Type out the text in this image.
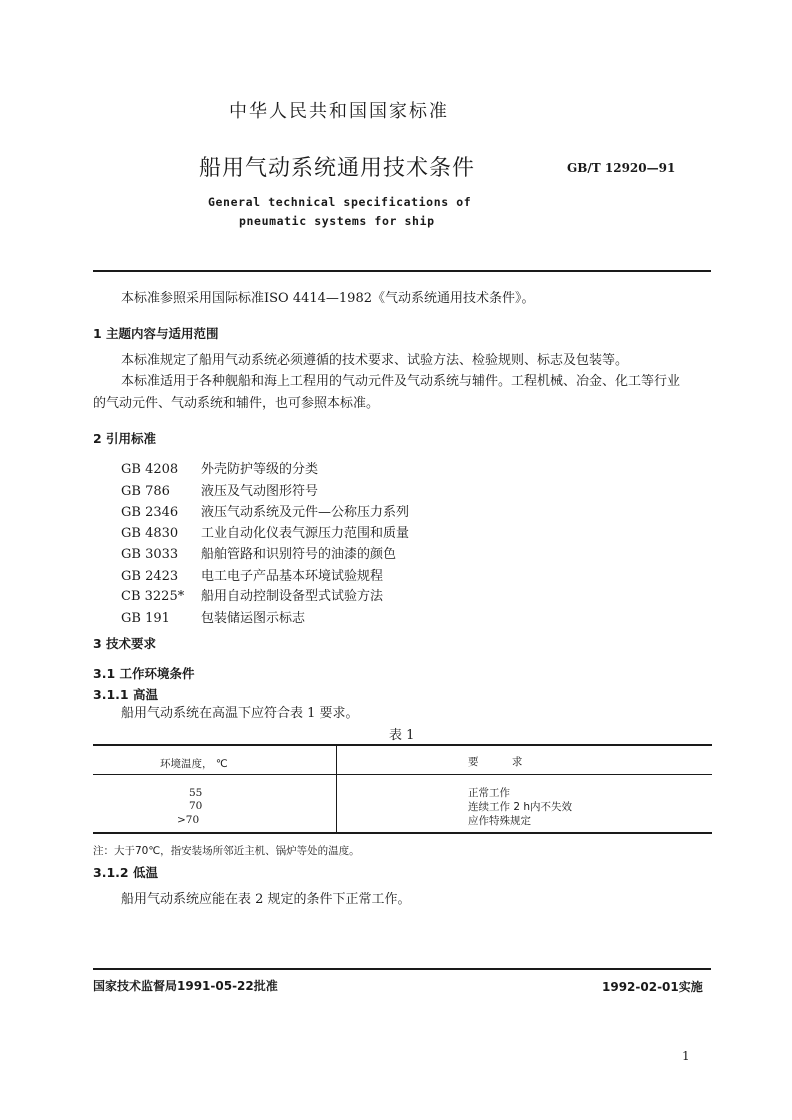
中华人民共和国国家标准
船用气动系统通用技术条件	GB/T 12920—91
General technical specifications of
pneumatic systems for ship
本标准参照采用国际标准ISO 4414—1982《气动系统通用技术条件》。
1 主题内容与适用范围
本标准规定了船用气动系统必须遵循的技术要求、试验方法、检验规则、标志及包装等。
本标准适用于各种舰船和海上工程用的气动元件及气动系统与辅件。工程机械、冶金、化工等行业
的气动元件、气动系统和辅件，也可参照本标准。
2 引用标准
GB 4208 外壳防护等级的分类
GB 786 液压及气动图形符号
GB 2346 液压气动系统及元件—公称压力系列
GB 4830 工业自动化仪表气源压力范围和质量
GB 3033 船舶管路和识别符号的油漆的颜色
GB 2423 电工电子产品基本环境试验规程
CB 3225* 船用自动控制设备型式试验方法
GB 191 包装储运图示标志
3 技术要求
3.1 工作环境条件
3.1.1 高温
船用气动系统在高温下应符合表 1 要求。
表 1
环境温度， ℃	要          求
55	正常工作
70	连续工作 2 h内不失效
>70	应作特殊规定
注：大于70℃，指安装场所邻近主机、锅炉等处的温度。
3.1.2 低温
船用气动系统应能在表 2 规定的条件下正常工作。
国家技术监督局1991-05-22批准	1992-02-01实施
1
